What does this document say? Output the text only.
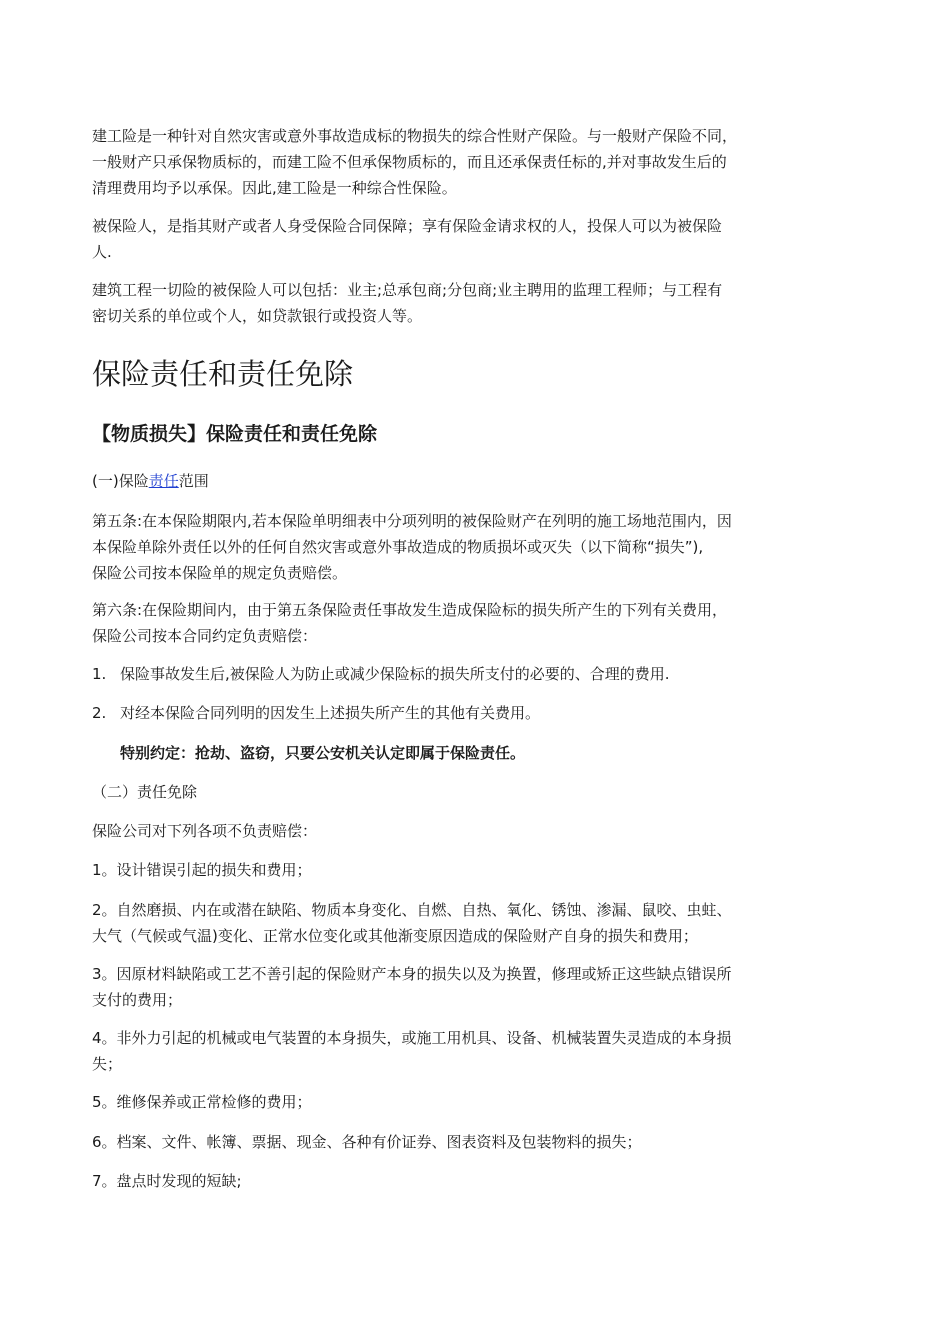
建工险是一种针对自然灾害或意外事故造成标的物损失的综合性财产保险。与一般财产保险不同，
一般财产只承保物质标的，而建工险不但承保物质标的，而且还承保责任标的,并对事故发生后的
清理费用均予以承保。因此,建工险是一种综合性保险。

被保险人，是指其财产或者人身受保险合同保障；享有保险金请求权的人，投保人可以为被保险
人.

建筑工程一切险的被保险人可以包括：业主;总承包商;分包商;业主聘用的监理工程师；与工程有
密切关系的单位或个人，如贷款银行或投资人等。

保险责任和责任免除
【物质损失】保险责任和责任免除

(一)保险责任范围

第五条:在本保险期限内,若本保险单明细表中分项列明的被保险财产在列明的施工场地范围内，因
本保险单除外责任以外的任何自然灾害或意外事故造成的物质损坏或灭失（以下简称“损失”),
保险公司按本保险单的规定负责赔偿。

第六条:在保险期间内，由于第五条保险责任事故发生造成保险标的损失所产生的下列有关费用，
保险公司按本合同约定负责赔偿：

1. 保险事故发生后,被保险人为防止或减少保险标的损失所支付的必要的、合理的费用.

2. 对经本保险合同列明的因发生上述损失所产生的其他有关费用。

特别约定：抢劫、盗窃，只要公安机关认定即属于保险责任。

（二）责任免除

保险公司对下列各项不负责赔偿：

1。设计错误引起的损失和费用；

2。自然磨损、内在或潜在缺陷、物质本身变化、自燃、自热、氧化、锈蚀、渗漏、鼠咬、虫蛀、
大气（气候或气温)变化、正常水位变化或其他渐变原因造成的保险财产自身的损失和费用；

3。因原材料缺陷或工艺不善引起的保险财产本身的损失以及为换置，修理或矫正这些缺点错误所
支付的费用；

4。非外力引起的机械或电气装置的本身损失，或施工用机具、设备、机械装置失灵造成的本身损
失；

5。维修保养或正常检修的费用；

6。档案、文件、帐簿、票据、现金、各种有价证券、图表资料及包装物料的损失；

7。盘点时发现的短缺;
